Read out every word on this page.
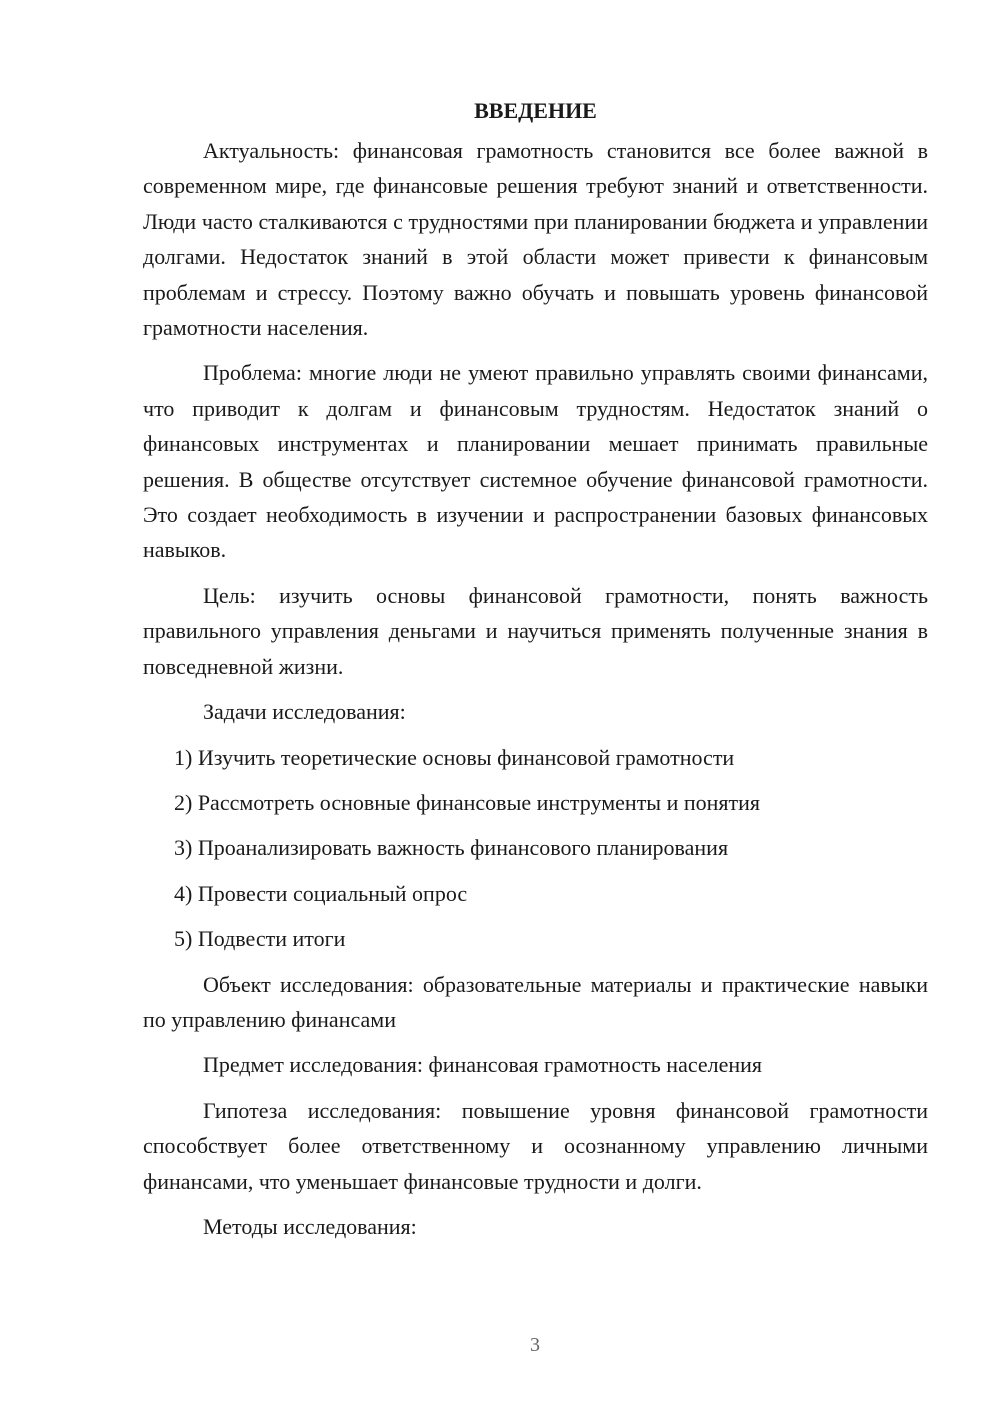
ВВЕДЕНИЕ

Актуальность: финансовая грамотность становится все более важной в современном мире, где финансовые решения требуют знаний и ответственности. Люди часто сталкиваются с трудностями при планировании бюджета и управлении долгами. Недостаток знаний в этой области может привести к финансовым проблемам и стрессу. Поэтому важно обучать и повышать уровень финансовой грамотности населения.

Проблема: многие люди не умеют правильно управлять своими финансами, что приводит к долгам и финансовым трудностям. Недостаток знаний о финансовых инструментах и планировании мешает принимать правильные решения. В обществе отсутствует системное обучение финансовой грамотности. Это создает необходимость в изучении и распространении базовых финансовых навыков.

Цель: изучить основы финансовой грамотности, понять важность правильного управления деньгами и научиться применять полученные знания в повседневной жизни.

Задачи исследования:

1) Изучить теоретические основы финансовой грамотности
2) Рассмотреть основные финансовые инструменты и понятия
3) Проанализировать важность финансового планирования
4) Провести социальный опрос
5) Подвести итоги

Объект исследования: образовательные материалы и практические навыки по управлению финансами

Предмет исследования: финансовая грамотность населения

Гипотеза исследования: повышение уровня финансовой грамотности способствует более ответственному и осознанному управлению личными финансами, что уменьшает финансовые трудности и долги.

Методы исследования:

3
